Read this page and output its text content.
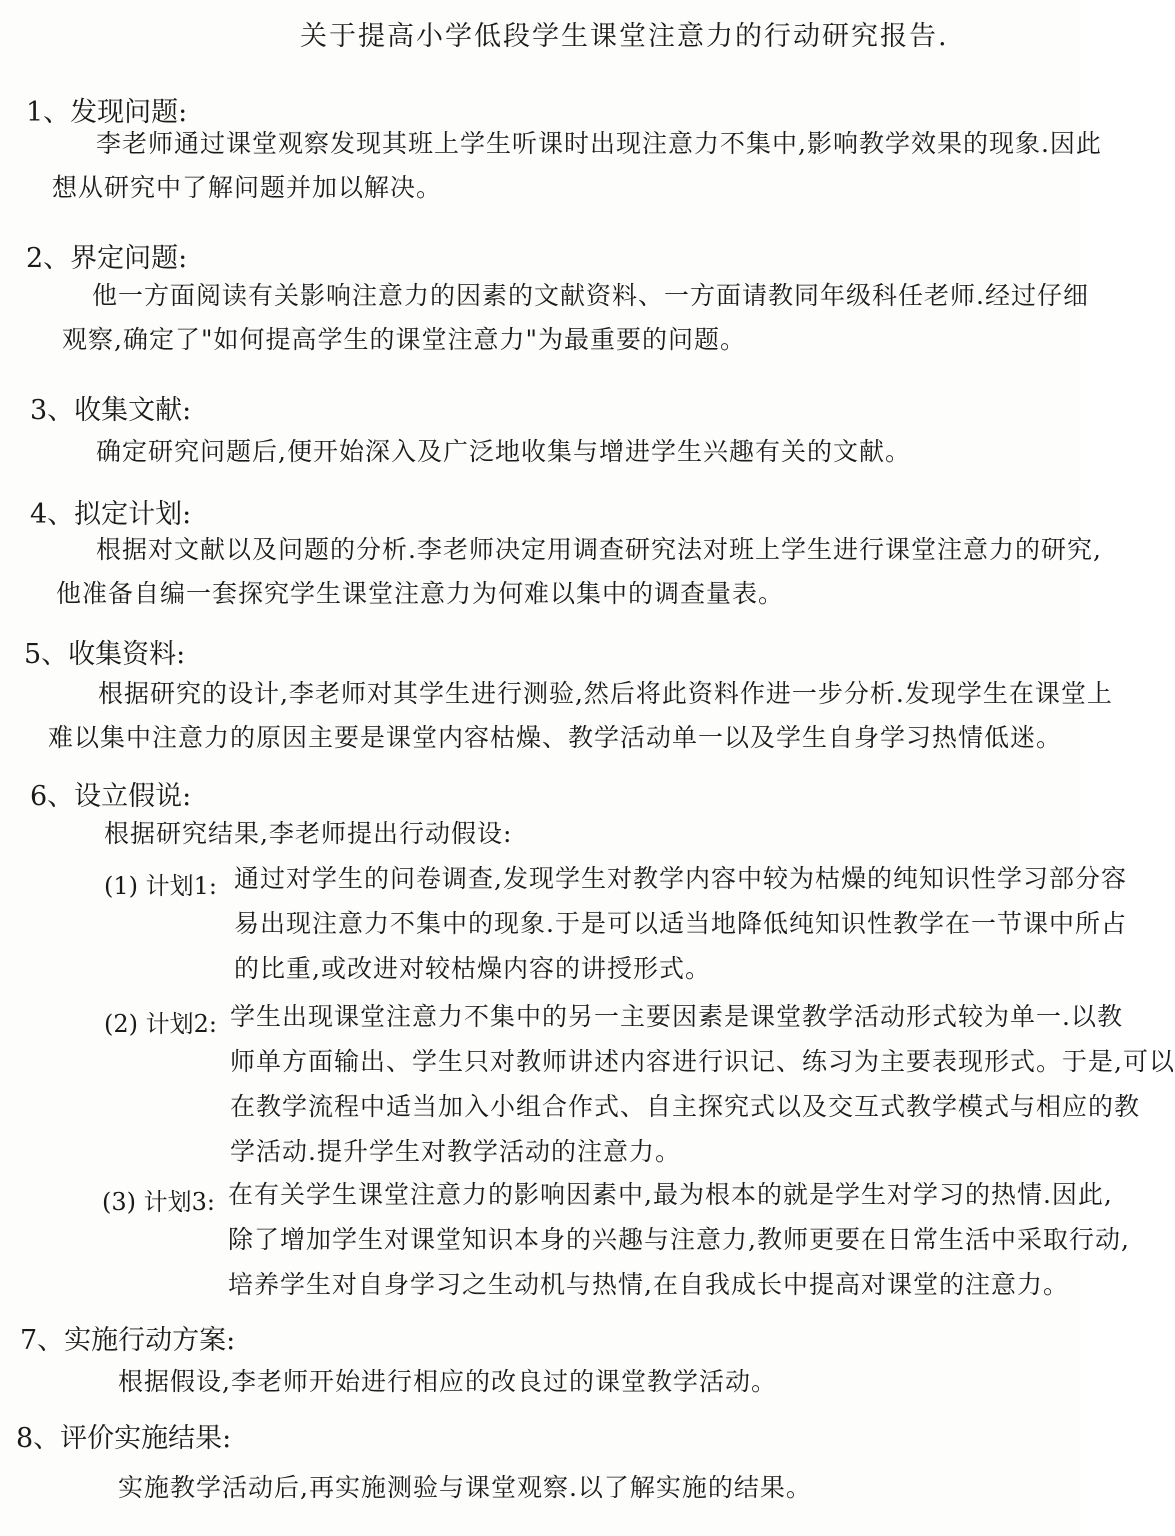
关于提高小学低段学生课堂注意力的行动研究报告.
1、发现问题:
李老师通过课堂观察发现其班上学生听课时出现注意力不集中,影响教学效果的现象.因此
想从研究中了解问题并加以解决。
2、界定问题:
他一方面阅读有关影响注意力的因素的文献资料、一方面请教同年级科任老师.经过仔细
观察,确定了"如何提高学生的课堂注意力"为最重要的问题。
3、收集文献:
确定研究问题后,便开始深入及广泛地收集与增进学生兴趣有关的文献。
4、拟定计划:
根据对文献以及问题的分析.李老师决定用调查研究法对班上学生进行课堂注意力的研究,
他准备自编一套探究学生课堂注意力为何难以集中的调查量表。
5、收集资料:
根据研究的设计,李老师对其学生进行测验,然后将此资料作进一步分析.发现学生在课堂上
难以集中注意力的原因主要是课堂内容枯燥、教学活动单一以及学生自身学习热情低迷。
6、设立假说:
根据研究结果,李老师提出行动假设:
(1) 计划1: 通过对学生的问卷调查,发现学生对教学内容中较为枯燥的纯知识性学习部分容
易出现注意力不集中的现象.于是可以适当地降低纯知识性教学在一节课中所占
的比重,或改进对较枯燥内容的讲授形式。
(2) 计划2: 学生出现课堂注意力不集中的另一主要因素是课堂教学活动形式较为单一.以教
师单方面输出、学生只对教师讲述内容进行识记、练习为主要表现形式。于是,可以
在教学流程中适当加入小组合作式、自主探究式以及交互式教学模式与相应的教
学活动.提升学生对教学活动的注意力。
(3) 计划3: 在有关学生课堂注意力的影响因素中,最为根本的就是学生对学习的热情.因此,
除了增加学生对课堂知识本身的兴趣与注意力,教师更要在日常生活中采取行动,
培养学生对自身学习之生动机与热情,在自我成长中提高对课堂的注意力。
7、实施行动方案:
根据假设,李老师开始进行相应的改良过的课堂教学活动。
8、评价实施结果:
实施教学活动后,再实施测验与课堂观察.以了解实施的结果。
